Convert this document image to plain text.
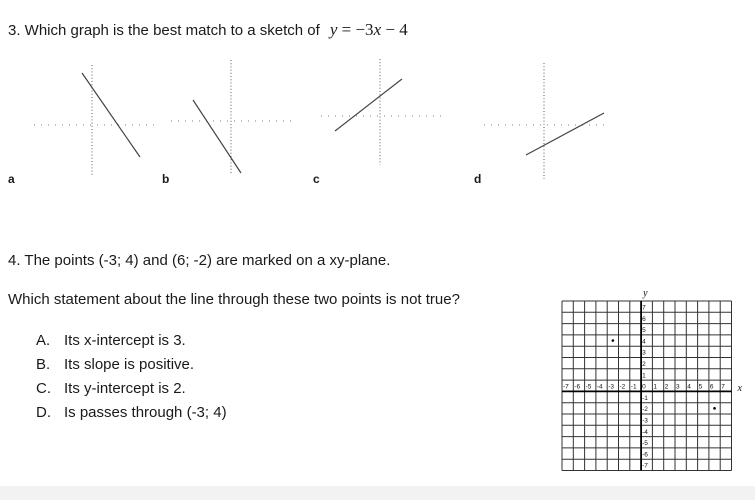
3. Which graph is the best match to a sketch of y = −3x − 4
a	b	c	d
4. The points (-3; 4) and (6; -2) are marked on a xy-plane.
Which statement about the line through these two points is not true?
A. Its x-intercept is 3.
B. Its slope is positive.
C. Its y-intercept is 2.
D. Is passes through (-3; 4)
-7 -6 -5 -4 -3 -2 -1 0 1 2 3 4 5 6 7
7
6
5
4
3
2
1
-1
-2
-3
-4
-5
-6
-7
y
x
